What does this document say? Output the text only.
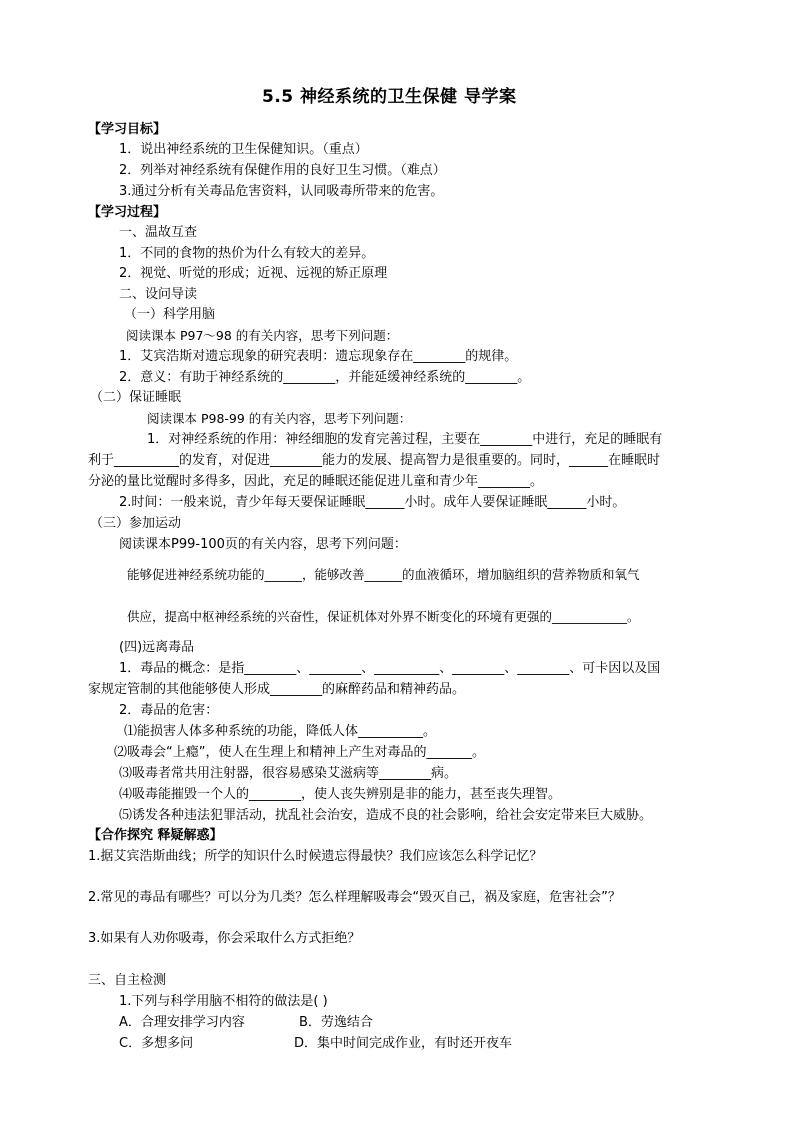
5.5 神经系统的卫生保健 导学案
【学习目标】
1．说出神经系统的卫生保健知识。（重点）
2．列举对神经系统有保健作用的良好卫生习惯。（难点）
3.通过分析有关毒品危害资料，认同吸毒所带来的危害。
【学习过程】
一、温故互查
1．不同的食物的热价为什么有较大的差异。
2．视觉、听觉的形成；近视、远视的矫正原理
二、设问导读
（一）科学用脑
阅读课本 P97～98 的有关内容，思考下列问题：
1．艾宾浩斯对遗忘现象的研究表明：遗忘现象存在________的规律。
2．意义：有助于神经系统的________，并能延缓神经系统的________。
（二）保证睡眠
阅读课本 P98-99 的有关内容，思考下列问题：
1．对神经系统的作用：神经细胞的发育完善过程，主要在________中进行，充足的睡眠有
利于__________的发育，对促进________能力的发展、提高智力是很重要的。同时，______在睡眠时
分泌的量比觉醒时多得多，因此，充足的睡眠还能促进儿童和青少年________。
2.时间：一般来说，青少年每天要保证睡眠______小时。成年人要保证睡眠______小时。
（三）参加运动
阅读课本P99-100页的有关内容，思考下列问题：
能够促进神经系统功能的______，能够改善______的血液循环，增加脑组织的营养物质和氧气
供应，提高中枢神经系统的兴奋性，保证机体对外界不断变化的环境有更强的____________。
(四)远离毒品
1．毒品的概念：是指________、________、__________、________、________、可卡因以及国
家规定管制的其他能够使人形成________的麻醉药品和精神药品。
2．毒品的危害：
⑴能损害人体多种系统的功能，降低人体__________。
⑵吸毒会“上瘾”，使人在生理上和精神上产生对毒品的_______。
⑶吸毒者常共用注射器，很容易感染艾滋病等________病。
⑷吸毒能摧毁一个人的________，使人丧失辨别是非的能力，甚至丧失理智。
⑸诱发各种违法犯罪活动，扰乱社会治安，造成不良的社会影响，给社会安定带来巨大威胁。
【合作探究 释疑解惑】
1.据艾宾浩斯曲线；所学的知识什么时候遗忘得最快？我们应该怎么科学记忆？
2.常见的毒品有哪些？可以分为几类？怎么样理解吸毒会“毁灭自己，祸及家庭，危害社会”？
3.如果有人劝你吸毒，你会采取什么方式拒绝？
三、自主检测
1.下列与科学用脑不相符的做法是( )
A．合理安排学习内容	B．劳逸结合
C．多想多问	D．集中时间完成作业，有时还开夜车
